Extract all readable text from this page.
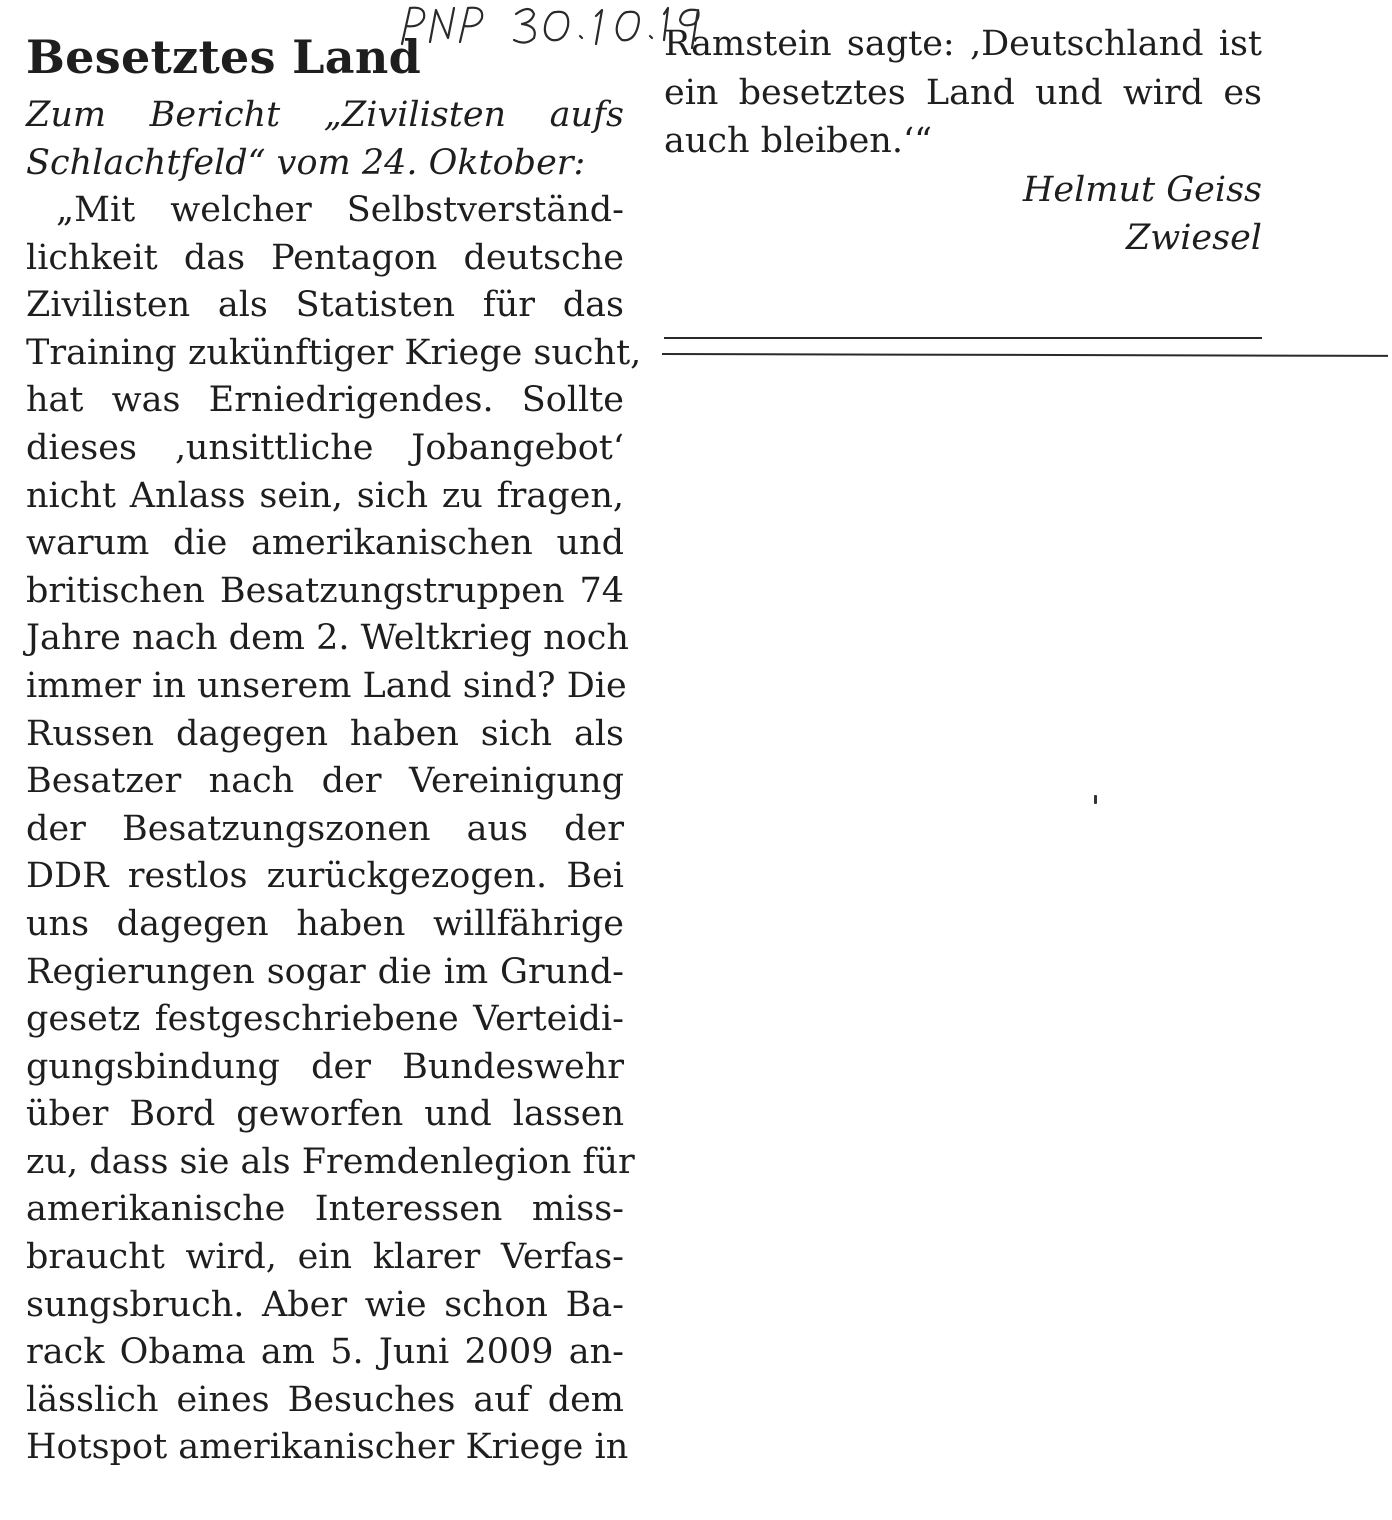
Besetztes Land
Zum Bericht „Zivilisten aufs
Schlachtfeld“ vom 24. Oktober:
„Mit welcher Selbstverständ-
lichkeit das Pentagon deutsche
Zivilisten als Statisten für das
Training zukünftiger Kriege sucht,
hat was Erniedrigendes. Sollte
dieses ‚unsittliche Jobangebot‘
nicht Anlass sein, sich zu fragen,
warum die amerikanischen und
britischen Besatzungstruppen 74
Jahre nach dem 2. Weltkrieg noch
immer in unserem Land sind? Die
Russen dagegen haben sich als
Besatzer nach der Vereinigung
der Besatzungszonen aus der
DDR restlos zurückgezogen. Bei
uns dagegen haben willfährige
Regierungen sogar die im Grund-
gesetz festgeschriebene Verteidi-
gungsbindung der Bundeswehr
über Bord geworfen und lassen
zu, dass sie als Fremdenlegion für
amerikanische Interessen miss-
braucht wird, ein klarer Verfas-
sungsbruch. Aber wie schon Ba-
rack Obama am 5. Juni 2009 an-
lässlich eines Besuches auf dem
Hotspot amerikanischer Kriege in
Ramstein sagte: ‚Deutschland ist
ein besetztes Land und wird es
auch bleiben.‘“
Helmut Geiss
Zwiesel
